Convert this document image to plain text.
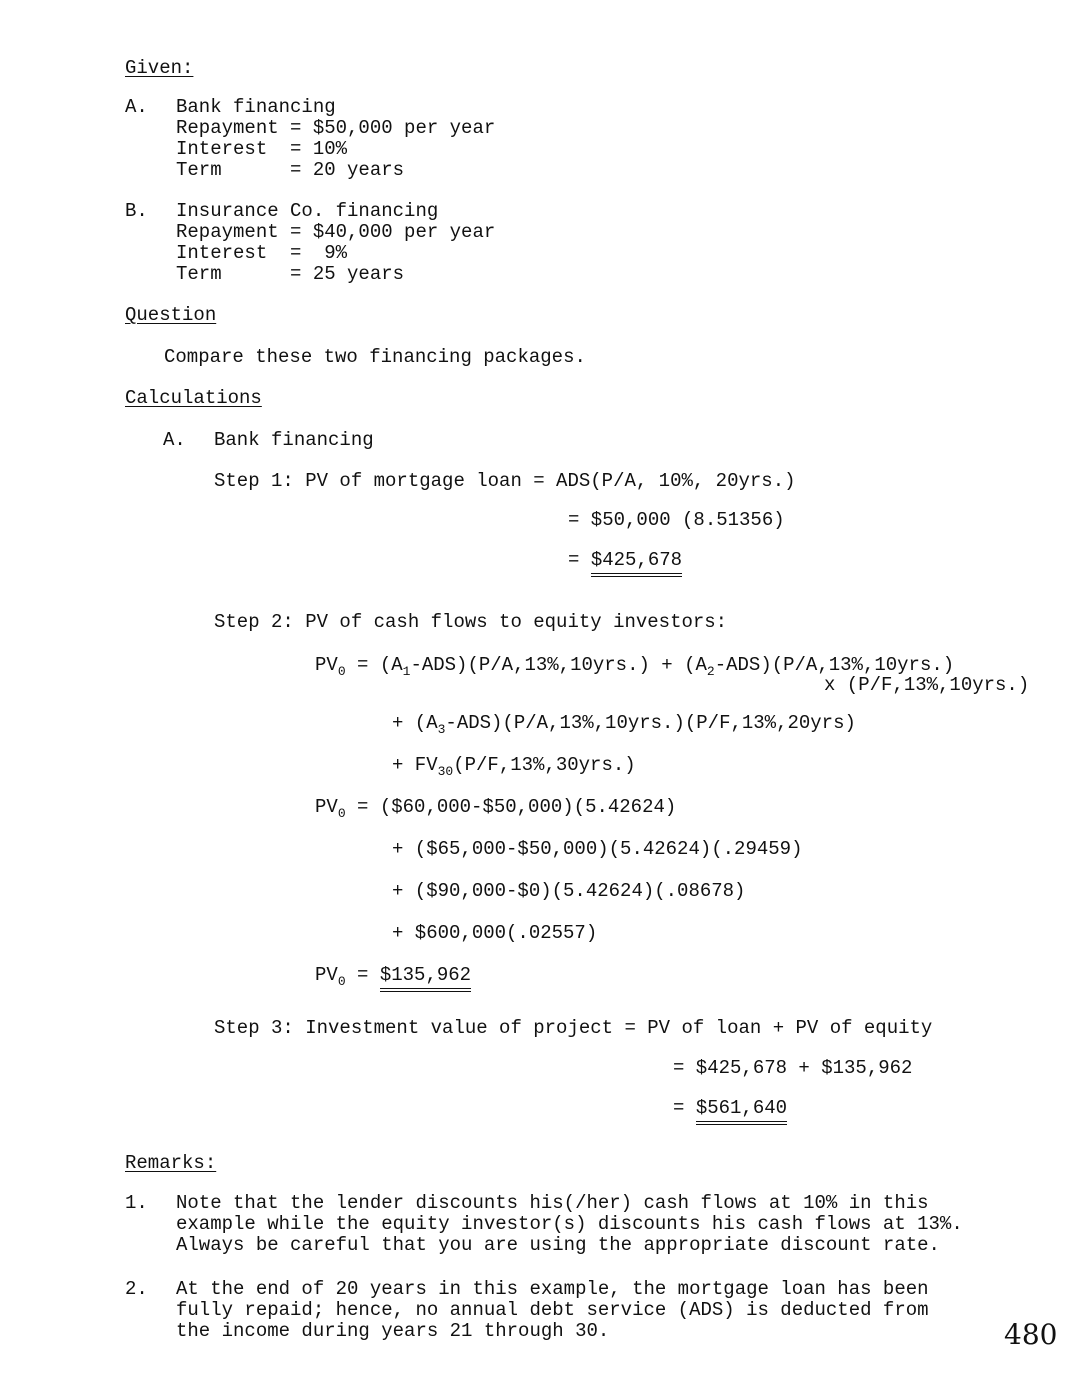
Given:
A. Bank financing
Repayment = $50,000 per year
Interest  = 10%
Term      = 20 years
B. Insurance Co. financing
Repayment = $40,000 per year
Interest  =  9%
Term      = 25 years
Question
Compare these two financing packages.
Calculations
A. Bank financing
Step 1: PV of mortgage loan = ADS(P/A, 10%, 20yrs.)
= $50,000 (8.51356)
= $425,678
Step 2: PV of cash flows to equity investors:
$PV_0 = (A_1-ADS)(P/A,13\%,10yrs.) + (A_2-ADS)(P/A,13\%,10yrs.)$
x (P/F,13%,10yrs.)
+ $(A_3-ADS)(P/A,13\%,10yrs.)(P/F,13\%,20yrs)$
+ $FV_{30}(P/F,13\%,30yrs.)$
$PV_0$ = ($60,000-$50,000)(5.42624)
+ ($65,000-$50,000)(5.42624)(.29459)
+ ($90,000-$0)(5.42624)(.08678)
+ $600,000(.02557)
$PV_0$ = $135,962
Step 3: Investment value of project = PV of loan + PV of equity
= $425,678 + $135,962
= $561,640
Remarks:
1. Note that the lender discounts his(/her) cash flows at 10% in this
example while the equity investor(s) discounts his cash flows at 13%.
Always be careful that you are using the appropriate discount rate.
2. At the end of 20 years in this example, the mortgage loan has been
fully repaid; hence, no annual debt service (ADS) is deducted from
the income during years 21 through 30.	480
